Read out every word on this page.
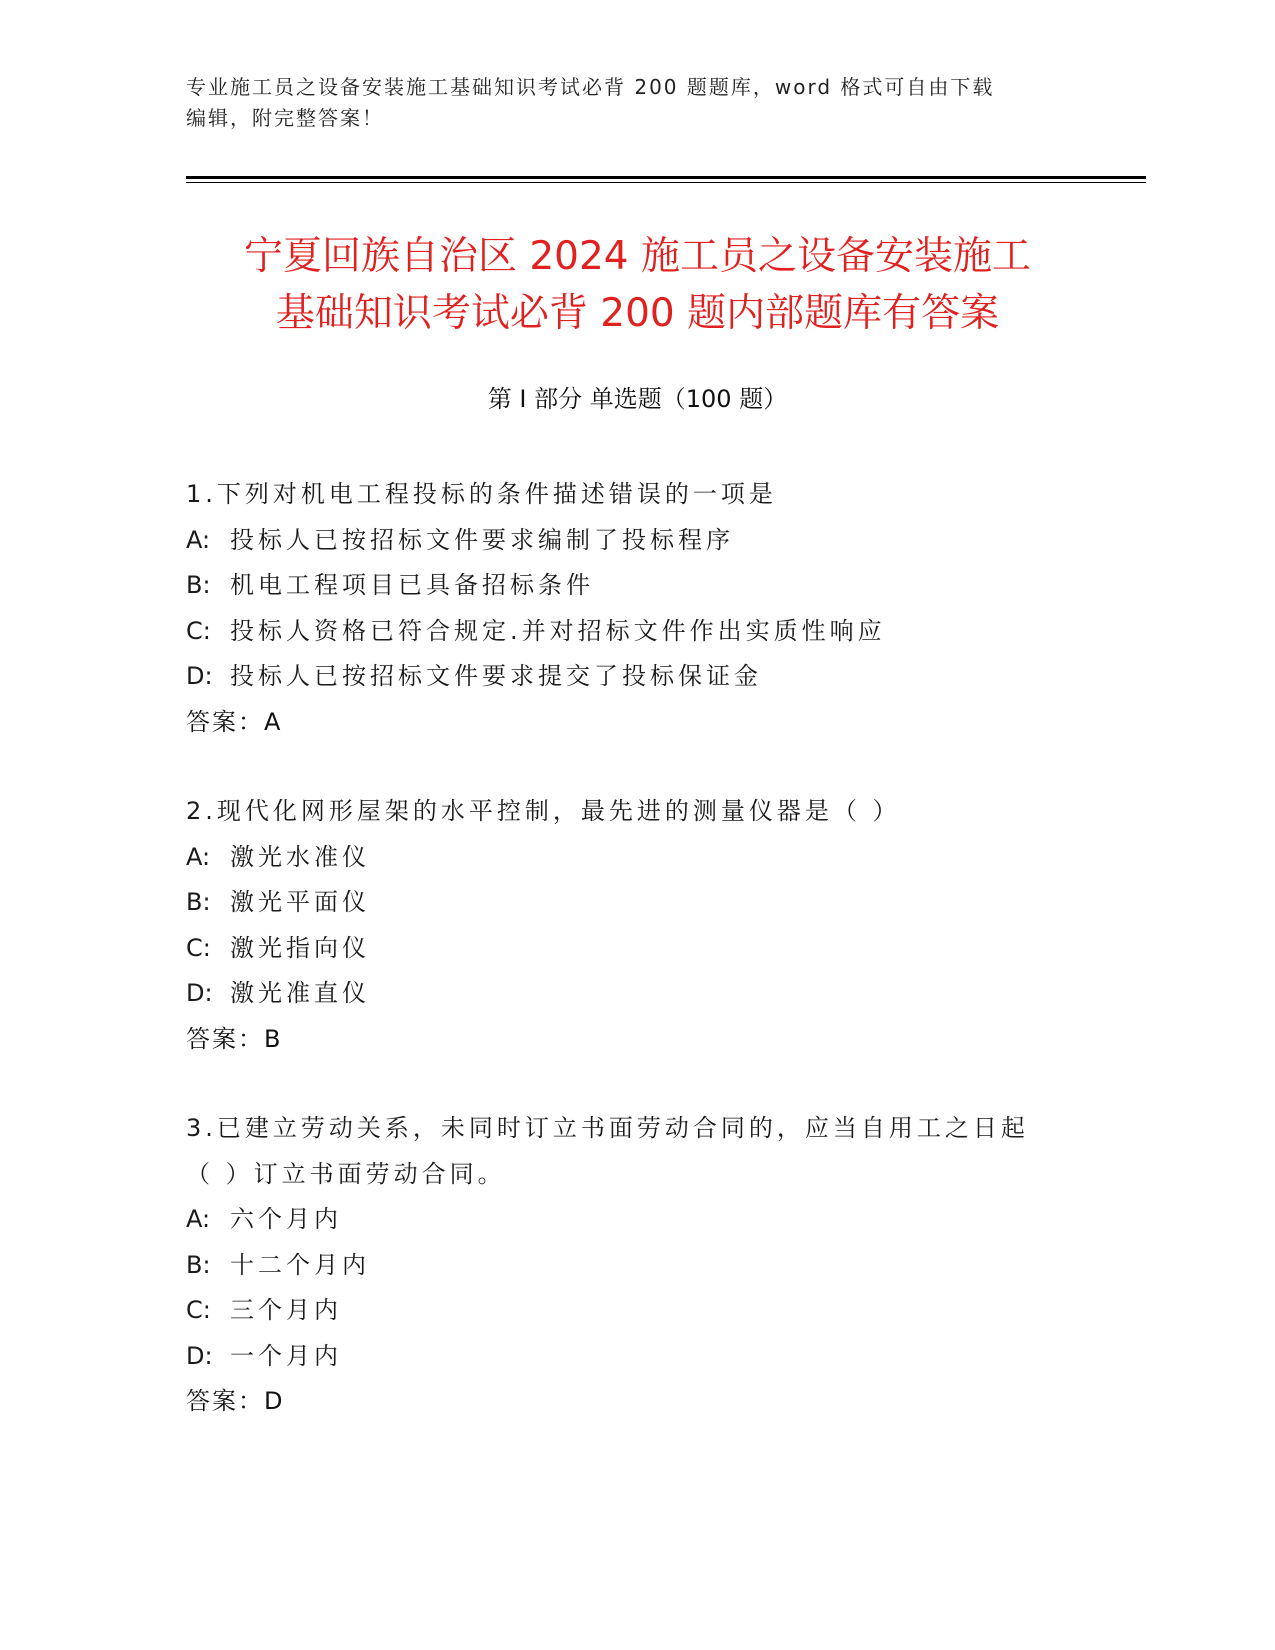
专业施工员之设备安装施工基础知识考试必背 200 题题库，word 格式可自由下载
编辑，附完整答案！
宁夏回族自治区 2024 施工员之设备安装施工
基础知识考试必背 200 题内部题库有答案
第 I 部分 单选题（100 题）
1.下列对机电工程投标的条件描述错误的一项是
A: 投标人已按招标文件要求编制了投标程序
B: 机电工程项目已具备招标条件
C: 投标人资格已符合规定.并对招标文件作出实质性响应
D: 投标人已按招标文件要求提交了投标保证金
答案：A
2.现代化网形屋架的水平控制，最先进的测量仪器是（ ）
A: 激光水准仪
B: 激光平面仪
C: 激光指向仪
D: 激光准直仪
答案：B
3.已建立劳动关系，未同时订立书面劳动合同的，应当自用工之日起
（ ）订立书面劳动合同。
A: 六个月内
B: 十二个月内
C: 三个月内
D: 一个月内
答案：D
